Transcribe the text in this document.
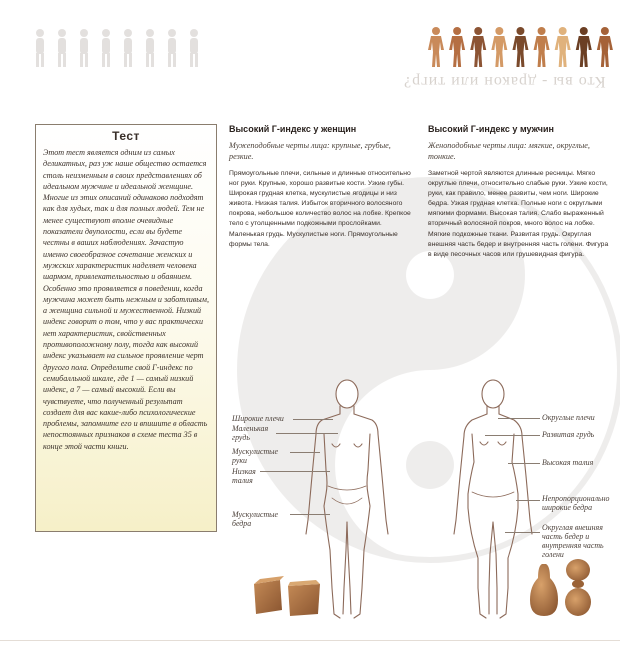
Кто вы - дракон или тигр?
Тест

Этот тест является одним из самых деликатных, раз уж наше общество остается столь неизменным в своих представлениях об идеальном мужчине и идеальной женщине. Многие из этих описаний одинаково подходят как для худых, так и для полных людей. Тем не менее существуют вполне очевидные показатели двуполости, если вы будете честны в ваших наблюдениях. Зачастую именно своеобразное сочетание женских и мужских характеристик наделяет человека шармом, привлекательностью и обаянием. Особенно это проявляется в поведении, когда мужчина может быть нежным и заботливым, а женщина сильной и мужественной. Низкий индекс говорит о том, что у вас практически нет характеристик, свойственных противоположному полу, тогда как высокий индекс указывает на сильное проявление черт другого пола. Определите свой Г-индекс по семибалльной шкале, где 1 — самый низкий индекс, а 7 — самый высокий. Если вы чувствуете, что полученный результат создает для вас какие-либо психологические проблемы, запомните его и впишите в область непостоянных признаков в схеме теста 35 в конце этой части книги.

Высокий Г-индекс у женщин

Мужеподобные черты лица: крупные, грубые, резкие.

Прямоугольные плечи, сильные и длинные относительно ног руки. Крупные, хорошо развитые кости. Узкие губы. Широкая грудная клетка, мускулистые ягодицы и низ живота. Низкая талия. Избыток вторичного волосяного покрова, небольшое количество волос на лобке. Крепкое тело с утолщенными подкожными прослойками. Маленькая грудь. Мускулистые ноги. Прямоугольные формы тела.

Высокий Г-индекс у мужчин

Женоподобные черты лица: мягкие, округлые, тонкие.

Заметной чертой являются длинные ресницы. Мягко округлые плечи, относительно слабые руки. Узкие кости, руки, как правило, менее развиты, чем ноги. Широкие бедра. Узкая грудная клетка. Полные ноги с округлыми мягкими формами. Высокая талия. Слабо выраженный вторичный волосяной покров, много волос на лобке. Мягкие подкожные ткани. Развитая грудь. Округлая внешняя часть бедер и внутренняя часть голени. Фигура в виде песочных часов или грушевидная фигура.

Широкие плечи
Маленькая грудь
Мускулистые руки
Низкая талия
Мускулистые бедра
Округлые плечи
Развитая грудь
Высокая талия
Непропорционально широкие бедра
Округлая внешняя часть бедер и внутренняя часть голени
